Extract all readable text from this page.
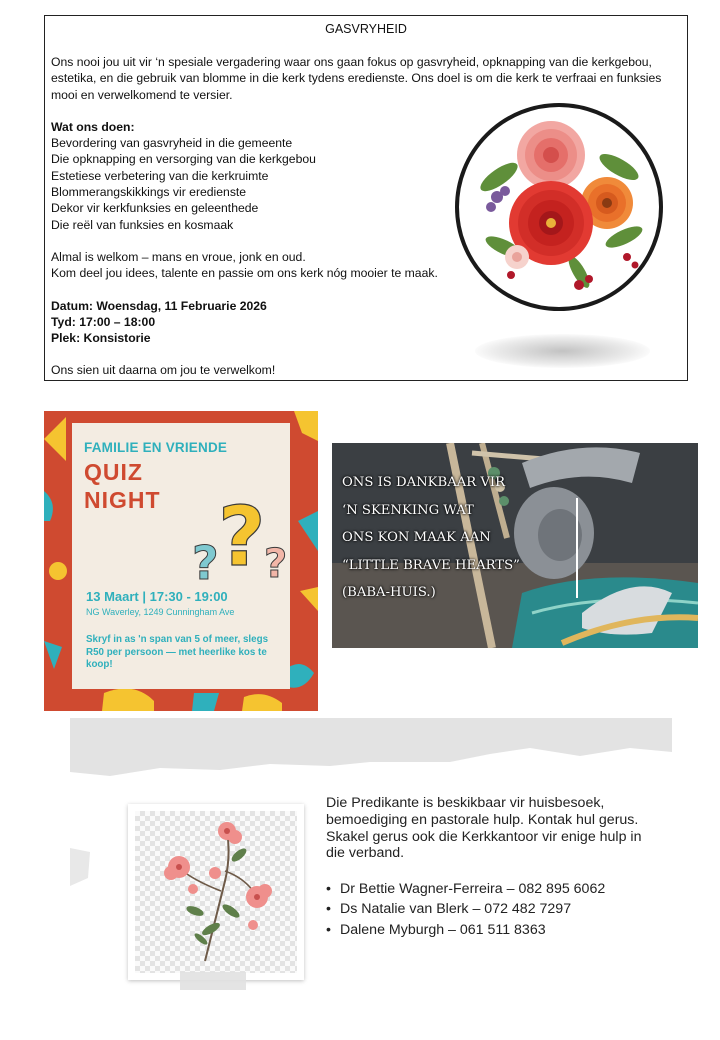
GASVRYHEID

Ons nooi jou uit vir ‘n spesiale vergadering waar ons gaan fokus op gasvryheid, opknapping van die kerkgebou, estetika, en die gebruik van blomme in die kerk tydens eredienste. Ons doel is om die kerk te verfraai en funksies mooi en verwelkomend te versier.

Wat ons doen:

Bevordering van gasvryheid in die gemeente

Die opknapping en versorging van die kerkgebou

Estetiese verbetering van die kerkruimte

Blommerangskikkings vir eredienste

Dekor vir kerkfunksies en geleenthede

Die reël van funksies en kosmaak

Almal is welkom – mans en vroue, jonk en oud.

Kom deel jou idees, talente en passie om ons kerk nóg mooier te maak.

Datum: Woensdag, 11 Februarie 2026

Tyd: 17:00 – 18:00

Plek: Konsistorie

Ons sien uit daarna om jou te verwelkom!

FAMILIE EN VRIENDE
QUIZ
NIGHT ?
? ?
13 Maart | 17:30 - 19:00
NG Waverley, 1249 Cunningham Ave
Skryf in as 'n span van 5 of meer, slegs R50 per persoon — met heerlike kos te koop!

ONS IS DANKBAAR VIR

‘N SKENKING WAT

ONS KON MAAK AAN

“LITTLE BRAVE HEARTS”

(BABA-HUIS.)

Die Predikante is beskikbaar vir huisbesoek, bemoediging en pastorale hulp. Kontak hul gerus. Skakel gerus ook die Kerkkantoor vir enige hulp in die verband.

• Dr Bettie Wagner-Ferreira – 082 895 6062
• Ds Natalie van Blerk – 072 482 7297
• Dalene Myburgh – 061 511 8363
